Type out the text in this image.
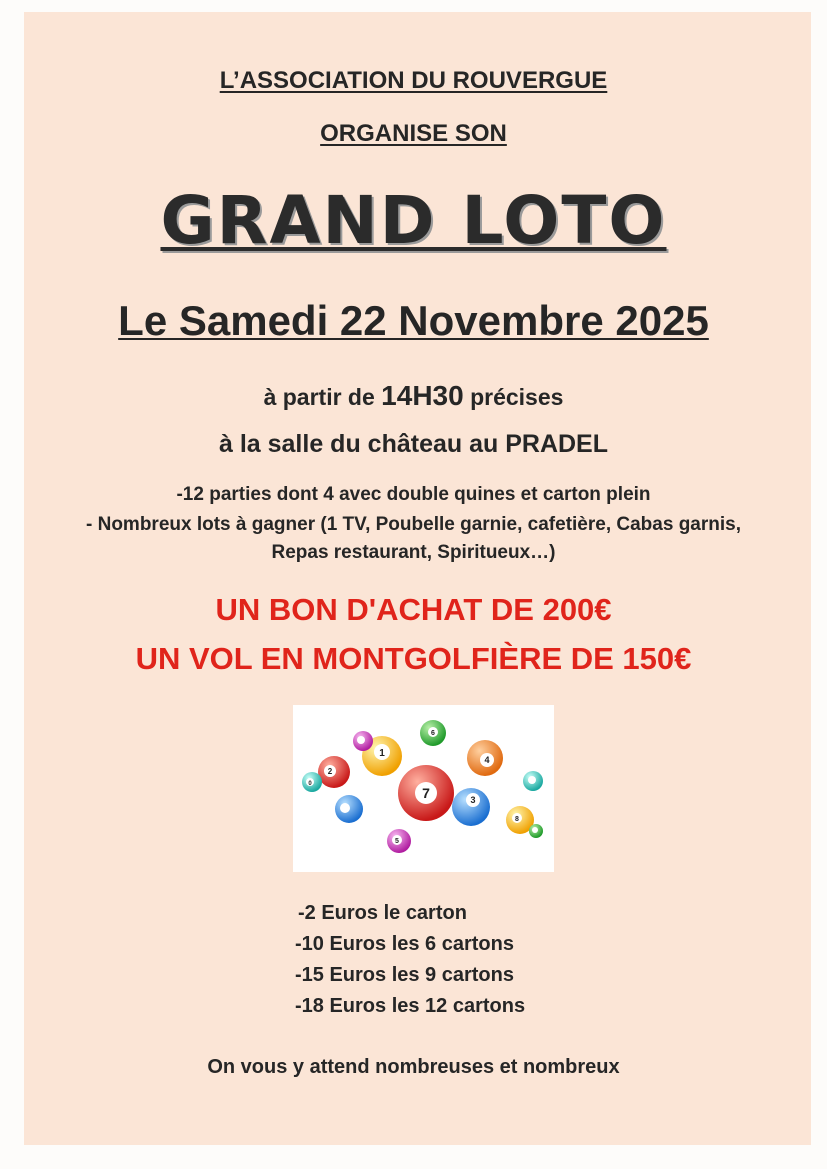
L’ASSOCIATION DU ROUVERGUE
ORGANISE SON
GRAND LOTO
Le Samedi 22 Novembre 2025
à partir de 14H30 précises
à la salle du château au PRADEL
-12 parties dont 4 avec double quines et carton plein
- Nombreux lots à gagner (1 TV, Poubelle garnie, cafetière, Cabas garnis, Repas restaurant, Spiritueux…)
UN BON D'ACHAT DE 200€
UN VOL EN MONTGOLFIÈRE DE 150€
1
6
4
2
7	3
8
5
0
-2 Euros le carton
-10 Euros les 6 cartons
-15 Euros les 9 cartons
-18 Euros les 12 cartons
On vous y attend nombreuses et nombreux
